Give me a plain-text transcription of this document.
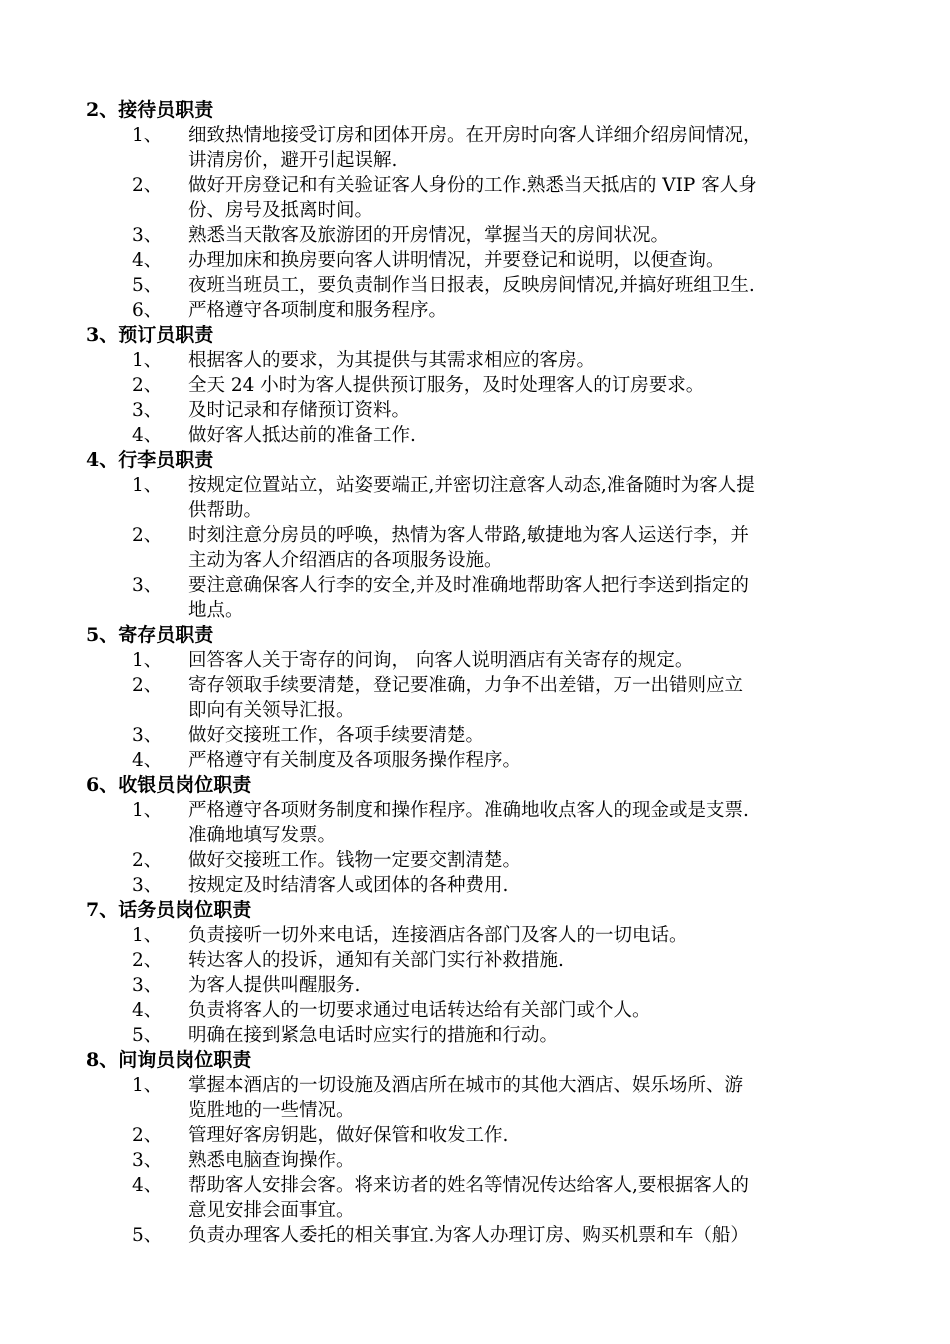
2、接待员职责
1、 细致热情地接受订房和团体开房。在开房时向客人详细介绍房间情况，
讲清房价，避开引起误解.
2、 做好开房登记和有关验证客人身份的工作.熟悉当天抵店的 VIP 客人身
份、房号及抵离时间。
3、 熟悉当天散客及旅游团的开房情况，掌握当天的房间状况。
4、 办理加床和换房要向客人讲明情况，并要登记和说明，以便查询。
5、 夜班当班员工，要负责制作当日报表，反映房间情况,并搞好班组卫生.
6、 严格遵守各项制度和服务程序。
3、预订员职责
1、 根据客人的要求，为其提供与其需求相应的客房。
2、 全天 24 小时为客人提供预订服务，及时处理客人的订房要求。
3、 及时记录和存储预订资料。
4、 做好客人抵达前的准备工作.
4、行李员职责
1、 按规定位置站立，站姿要端正,并密切注意客人动态,准备随时为客人提
供帮助。
2、 时刻注意分房员的呼唤，热情为客人带路,敏捷地为客人运送行李，并
主动为客人介绍酒店的各项服务设施。
3、 要注意确保客人行李的安全,并及时准确地帮助客人把行李送到指定的
地点。
5、寄存员职责
1、 回答客人关于寄存的问询， 向客人说明酒店有关寄存的规定。
2、 寄存领取手续要清楚，登记要准确，力争不出差错，万一出错则应立
即向有关领导汇报。
3、 做好交接班工作，各项手续要清楚。
4、 严格遵守有关制度及各项服务操作程序。
6、收银员岗位职责
1、 严格遵守各项财务制度和操作程序。准确地收点客人的现金或是支票.
准确地填写发票。
2、 做好交接班工作。钱物一定要交割清楚。
3、 按规定及时结清客人或团体的各种费用.
7、话务员岗位职责
1、 负责接听一切外来电话，连接酒店各部门及客人的一切电话。
2、 转达客人的投诉，通知有关部门实行补救措施.
3、 为客人提供叫醒服务.
4、 负责将客人的一切要求通过电话转达给有关部门或个人。
5、 明确在接到紧急电话时应实行的措施和行动。
8、问询员岗位职责
1、 掌握本酒店的一切设施及酒店所在城市的其他大酒店、娱乐场所、游
览胜地的一些情况。
2、 管理好客房钥匙，做好保管和收发工作.
3、 熟悉电脑查询操作。
4、 帮助客人安排会客。将来访者的姓名等情况传达给客人,要根据客人的
意见安排会面事宜。
5、 负责办理客人委托的相关事宜.为客人办理订房、购买机票和车（船）
